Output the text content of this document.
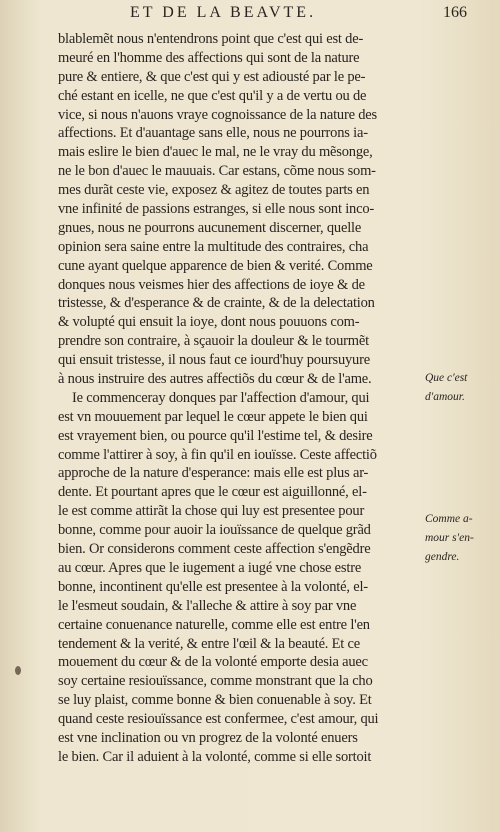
ET DE LA BEAVTE.	166
blablemẽt nous n'entendrons point que c'est qui est de-
meuré en l'homme des affections qui sont de la nature
pure & entiere, & que c'est qui y est adiousté par le pe-
ché estant en icelle, ne que c'est qu'il y a de vertu ou de
vice, si nous n'auons vraye cognoissance de la nature des
affections. Et d'auantage sans elle, nous ne pourrons ia-
mais eslire le bien d'auec le mal, ne le vray du mẽsonge,
ne le bon d'auec le mauuais. Car estans, cõme nous som-
mes durãt ceste vie, exposez & agitez de toutes parts en
vne infinité de passions estranges, si elle nous sont inco-
gnues, nous ne pourrons aucunement discerner, quelle
opinion sera saine entre la multitude des contraires, cha
cune ayant quelque apparence de bien & verité. Comme
donques nous veismes hier des affections de ioye & de
tristesse, & d'esperance & de crainte, & de la delectation
& volupté qui ensuit la ioye, dont nous pouuons com-
prendre son contraire, à sçauoir la douleur & le tourmẽt
qui ensuit tristesse, il nous faut ce iourd'huy poursuyure
à nous instruire des autres affectiõs du cœur & de l'ame.
Ie commenceray donques par l'affection d'amour, qui
est vn mouuement par lequel le cœur appete le bien qui
est vrayement bien, ou pource qu'il l'estime tel, & desire
comme l'attirer à soy, à fin qu'il en iouïsse. Ceste affectiõ
approche de la nature d'esperance: mais elle est plus ar-
dente. Et pourtant apres que le cœur est aiguillonné, el-
le est comme attirãt la chose qui luy est presentee pour
bonne, comme pour auoir la iouïssance de quelque grãd
bien. Or considerons comment ceste affection s'engẽdre
au cœur. Apres que le iugement a iugé vne chose estre
bonne, incontinent qu'elle est presentee à la volonté, el-
le l'esmeut soudain, & l'alleche & attire à soy par vne
certaine conuenance naturelle, comme elle est entre l'en
tendement & la verité, & entre l'œil & la beauté. Et ce
mouement du cœur & de la volonté emporte desia auec
soy certaine resiouïssance, comme monstrant que la cho
se luy plaist, comme bonne & bien conuenable à soy. Et
quand ceste resiouïssance est confermee, c'est amour, qui
est vne inclination ou vn progrez de la volonté enuers
le bien. Car il aduient à la volonté, comme si elle sortoit
Que c'est
d'amour.
Comme a-
mour s'en-
gendre.
